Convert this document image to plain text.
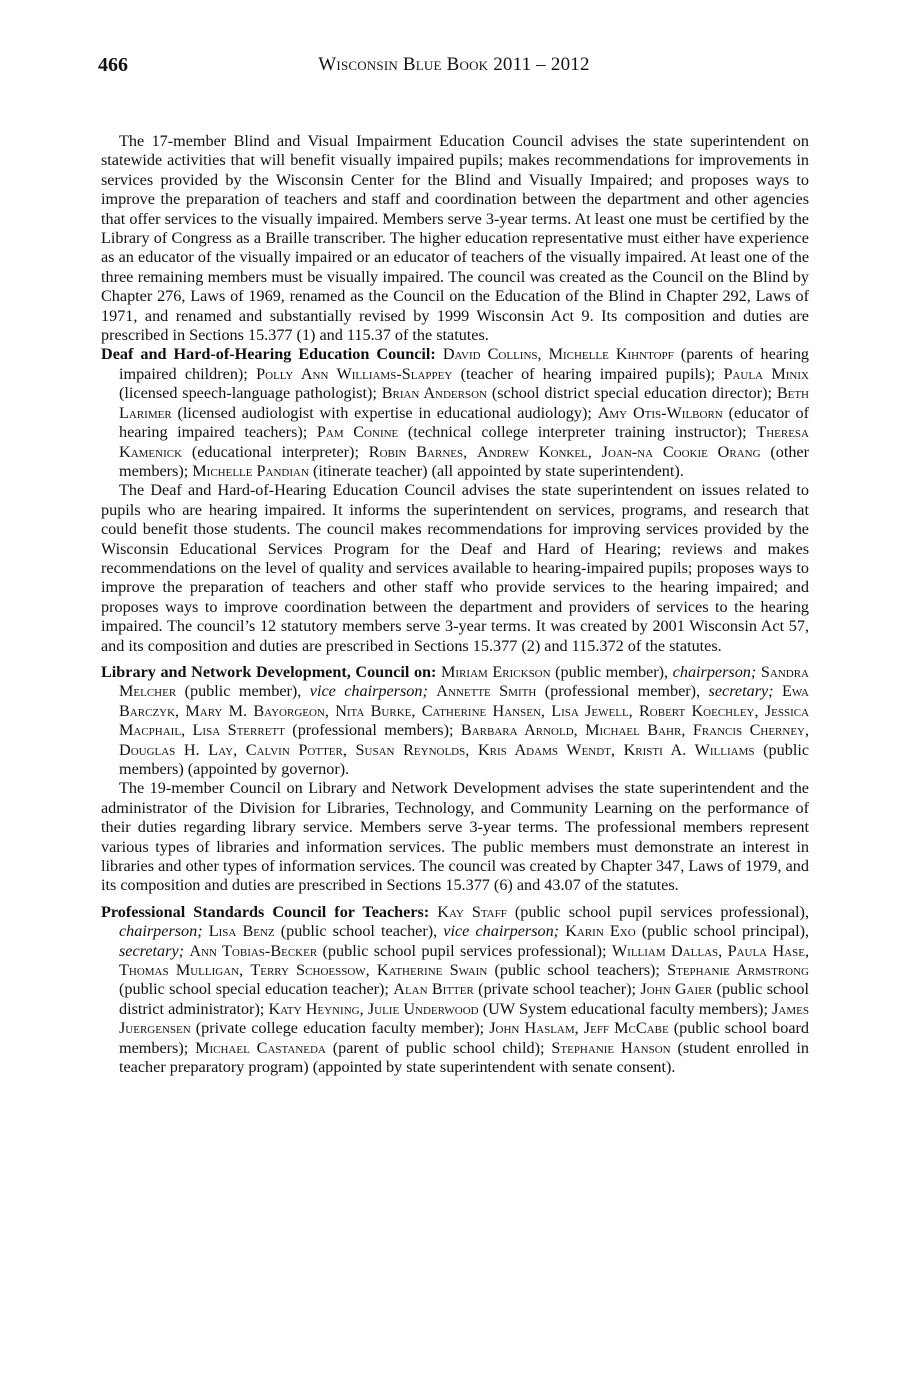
466	Wisconsin Blue Book 2011 – 2012

The 17-member Blind and Visual Impairment Education Council advises the state superintendent on statewide activities that will benefit visually impaired pupils; makes recommendations for improvements in services provided by the Wisconsin Center for the Blind and Visually Impaired; and proposes ways to improve the preparation of teachers and staff and coordination between the department and other agencies that offer services to the visually impaired. Members serve 3-year terms. At least one must be certified by the Library of Congress as a Braille transcriber. The higher education representative must either have experience as an educator of the visually impaired or an educator of teachers of the visually impaired. At least one of the three remaining members must be visually impaired. The council was created as the Council on the Blind by Chapter 276, Laws of 1969, renamed as the Council on the Education of the Blind in Chapter 292, Laws of 1971, and renamed and substantially revised by 1999 Wisconsin Act 9. Its composition and duties are prescribed in Sections 15.377 (1) and 115.37 of the statutes.

Deaf and Hard-of-Hearing Education Council: David Collins, Michelle Kihntopf (parents of hearing impaired children); Polly Ann Williams-Slappey (teacher of hearing impaired pupils); Paula Minix (licensed speech-language pathologist); Brian Anderson (school district special education director); Beth Larimer (licensed audiologist with expertise in educational audiology); Amy Otis-Wilborn (educator of hearing impaired teachers); Pam Conine (technical college interpreter training instructor); Theresa Kamenick (educational interpreter); Robin Barnes, Andrew Konkel, Joan-na Cookie Orang (other members); Michelle Pandian (itinerate teacher) (all appointed by state superintendent).

The Deaf and Hard-of-Hearing Education Council advises the state superintendent on issues related to pupils who are hearing impaired. It informs the superintendent on services, programs, and research that could benefit those students. The council makes recommendations for improving services provided by the Wisconsin Educational Services Program for the Deaf and Hard of Hearing; reviews and makes recommendations on the level of quality and services available to hearing-impaired pupils; proposes ways to improve the preparation of teachers and other staff who provide services to the hearing impaired; and proposes ways to improve coordination between the department and providers of services to the hearing impaired. The council’s 12 statutory members serve 3-year terms. It was created by 2001 Wisconsin Act 57, and its composition and duties are prescribed in Sections 15.377 (2) and 115.372 of the statutes.

Library and Network Development, Council on: Miriam Erickson (public member), chairperson; Sandra Melcher (public member), vice chairperson; Annette Smith (professional member), secretary; Ewa Barczyk, Mary M. Bayorgeon, Nita Burke, Catherine Hansen, Lisa Jewell, Robert Koechley, Jessica Macphail, Lisa Sterrett (professional members); Barbara Arnold, Michael Bahr, Francis Cherney, Douglas H. Lay, Calvin Potter, Susan Reynolds, Kris Adams Wendt, Kristi A. Williams (public members) (appointed by governor).

The 19-member Council on Library and Network Development advises the state superintendent and the administrator of the Division for Libraries, Technology, and Community Learning on the performance of their duties regarding library service. Members serve 3-year terms. The professional members represent various types of libraries and information services. The public members must demonstrate an interest in libraries and other types of information services. The council was created by Chapter 347, Laws of 1979, and its composition and duties are prescribed in Sections 15.377 (6) and 43.07 of the statutes.

Professional Standards Council for Teachers: Kay Staff (public school pupil services professional), chairperson; Lisa Benz (public school teacher), vice chairperson; Karin Exo (public school principal), secretary; Ann Tobias-Becker (public school pupil services professional); William Dallas, Paula Hase, Thomas Mulligan, Terry Schoessow, Katherine Swain (public school teachers); Stephanie Armstrong (public school special education teacher); Alan Bitter (private school teacher); John Gaier (public school district administrator); Katy Heyning, Julie Underwood (UW System educational faculty members); James Juergensen (private college education faculty member); John Haslam, Jeff McCabe (public school board members); Michael Castaneda (parent of public school child); Stephanie Hanson (student enrolled in teacher preparatory program) (appointed by state superintendent with senate consent).
